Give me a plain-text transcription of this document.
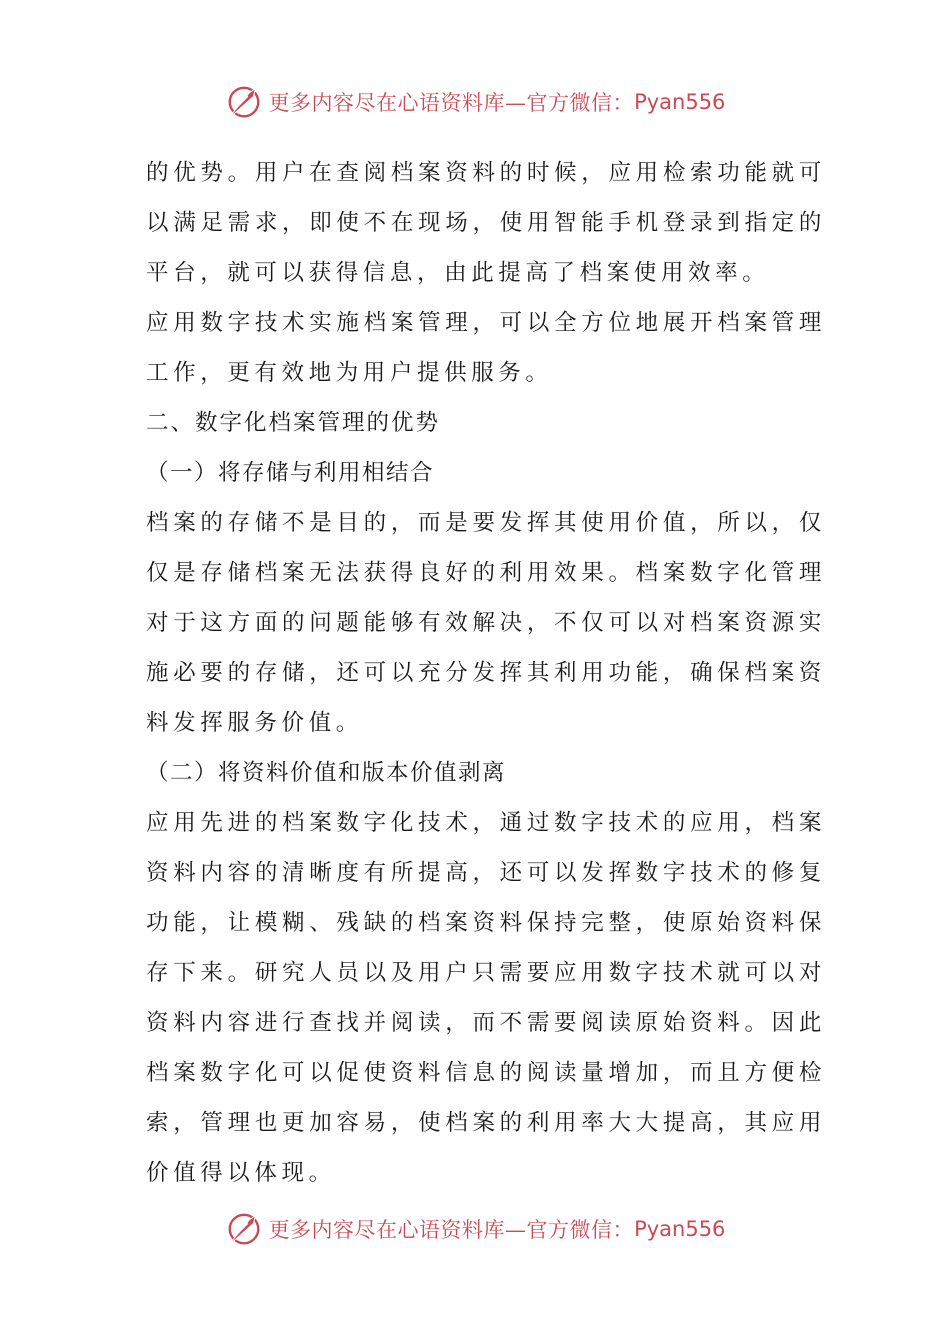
更多内容尽在心语资料库—官方微信： Pyan556

的优势。用户在查阅档案资料的时候，应用检索功能就可以满足需求，即使不在现场，使用智能手机登录到指定的平台，就可以获得信息，由此提高了档案使用效率。

应用数字技术实施档案管理，可以全方位地展开档案管理工作，更有效地为用户提供服务。

二、数字化档案管理的优势

（一）将存储与利用相结合

档案的存储不是目的，而是要发挥其使用价值，所以，仅仅是存储档案无法获得良好的利用效果。档案数字化管理对于这方面的问题能够有效解决，不仅可以对档案资源实施必要的存储，还可以充分发挥其利用功能，确保档案资料发挥服务价值。

（二）将资料价值和版本价值剥离

应用先进的档案数字化技术，通过数字技术的应用，档案资料内容的清晰度有所提高，还可以发挥数字技术的修复功能，让模糊、残缺的档案资料保持完整，使原始资料保存下来。研究人员以及用户只需要应用数字技术就可以对资料内容进行查找并阅读，而不需要阅读原始资料。因此档案数字化可以促使资料信息的阅读量增加，而且方便检索，管理也更加容易，使档案的利用率大大提高，其应用价值得以体现。

更多内容尽在心语资料库—官方微信： Pyan556
